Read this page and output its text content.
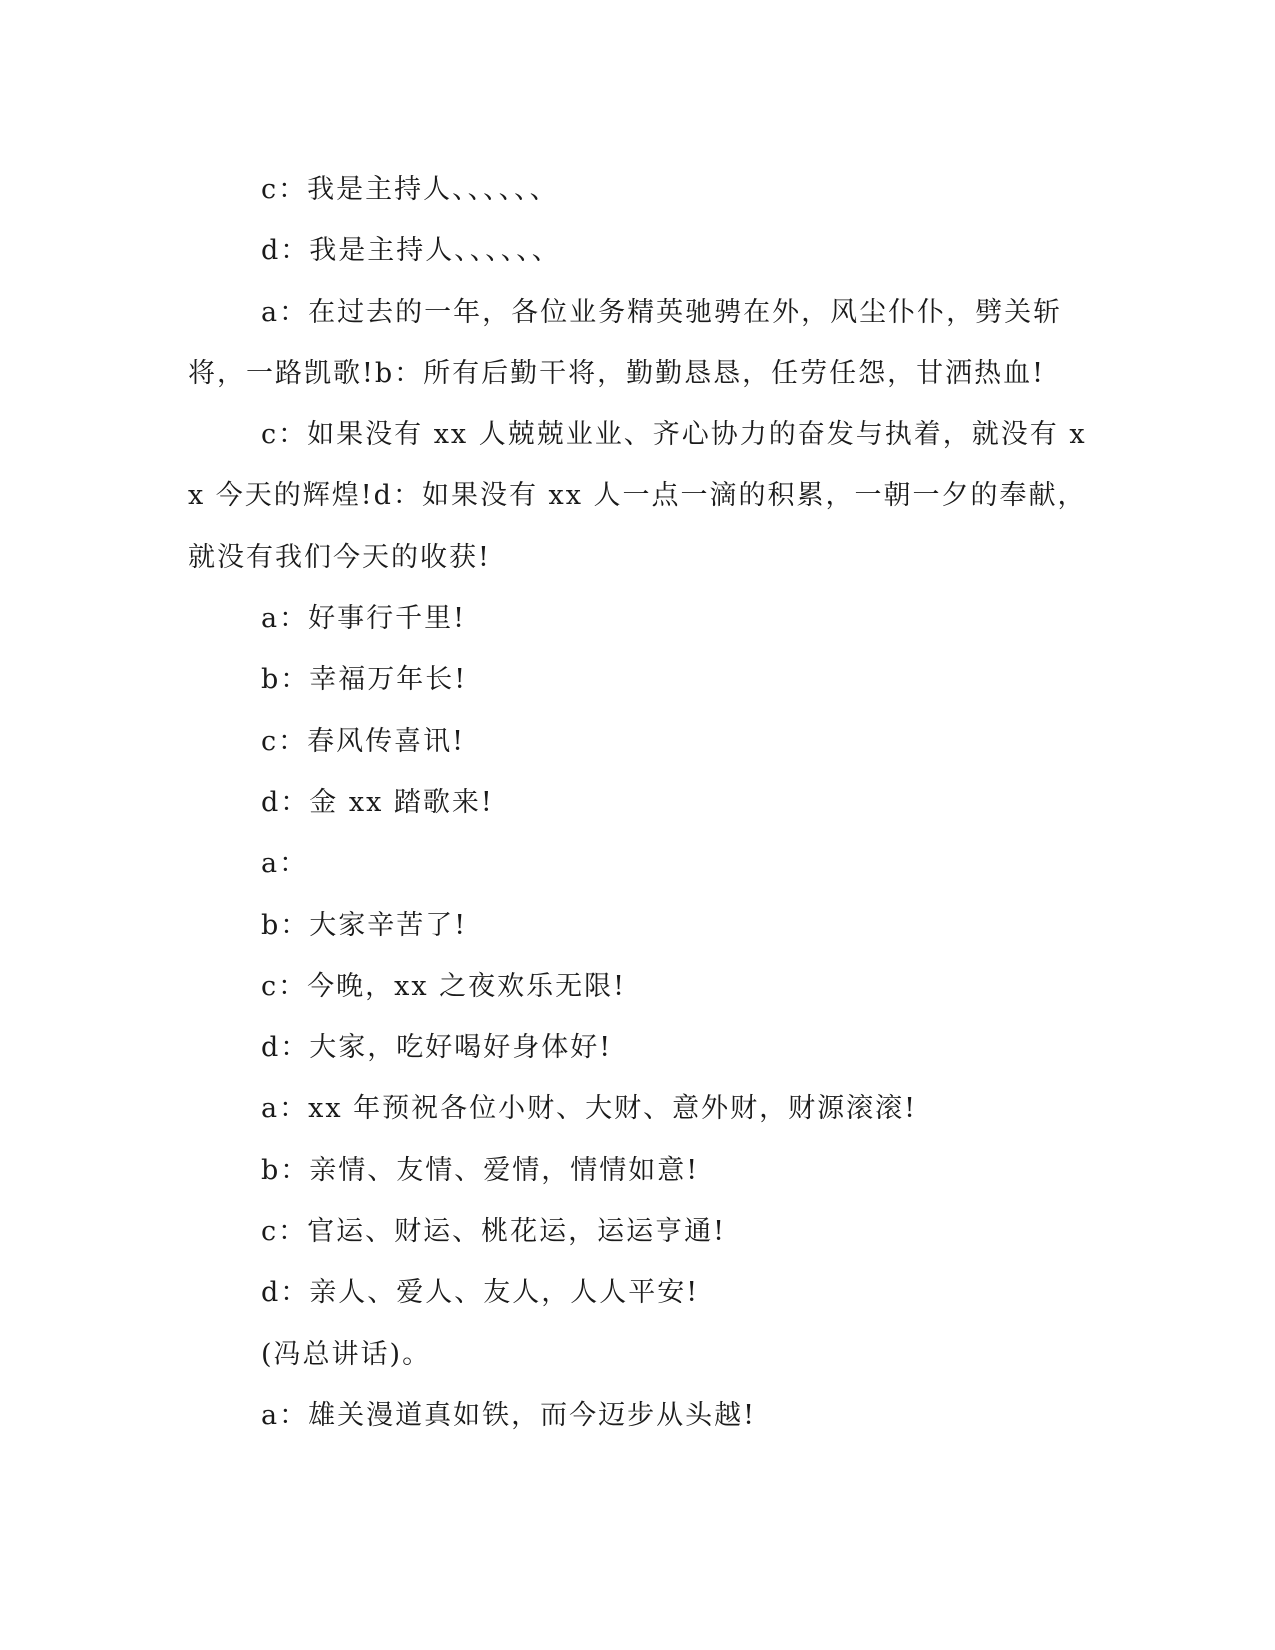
c：我是主持人、、、、、、

d：我是主持人、、、、、、

a：在过去的一年，各位业务精英驰骋在外，风尘仆仆，劈关斩将，一路凯歌!b：所有后勤干将，勤勤恳恳，任劳任怨，甘洒热血!

c：如果没有 xx 人兢兢业业、齐心协力的奋发与执着，就没有 xx 今天的辉煌!d：如果没有 xx 人一点一滴的积累，一朝一夕的奉献，就没有我们今天的收获!

a：好事行千里!

b：幸福万年长!

c：春风传喜讯!

d：金 xx 踏歌来!

a：

b：大家辛苦了!

c：今晚，xx 之夜欢乐无限!

d：大家，吃好喝好身体好!

a：xx 年预祝各位小财、大财、意外财，财源滚滚!

b：亲情、友情、爱情，情情如意!

c：官运、财运、桃花运，运运亨通!

d：亲人、爱人、友人，人人平安!

(冯总讲话)。

a：雄关漫道真如铁，而今迈步从头越!
